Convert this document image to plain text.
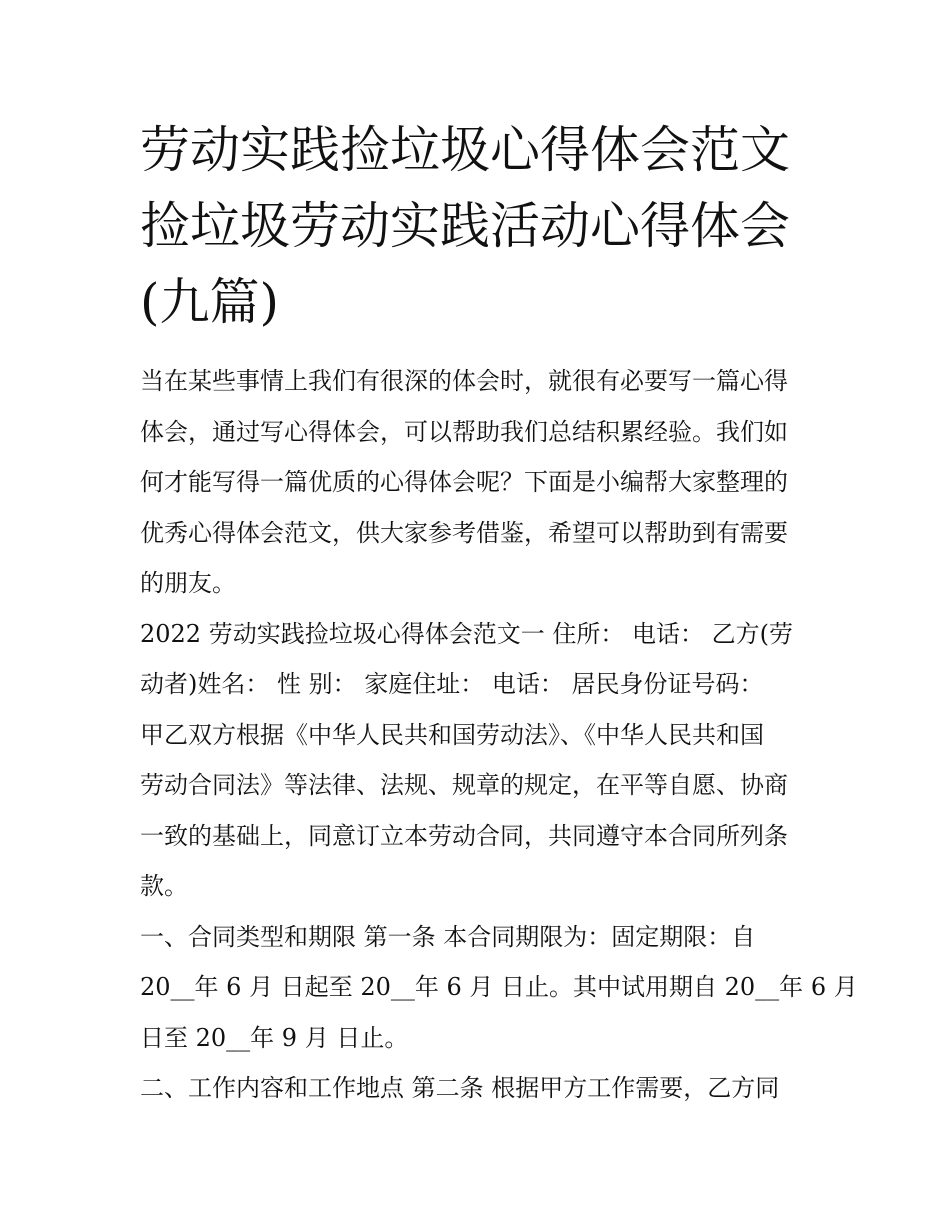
劳动实践捡垃圾心得体会范文
捡垃圾劳动实践活动心得体会
(九篇)

当在某些事情上我们有很深的体会时，就很有必要写一篇心得
体会，通过写心得体会，可以帮助我们总结积累经验。我们如
何才能写得一篇优质的心得体会呢？下面是小编帮大家整理的
优秀心得体会范文，供大家参考借鉴，希望可以帮助到有需要
的朋友。

2022 劳动实践捡垃圾心得体会范文一 住所： 电话： 乙方(劳
动者)姓名： 性 别： 家庭住址： 电话： 居民身份证号码：

甲乙双方根据《中华人民共和国劳动法》、《中华人民共和国
劳动合同法》等法律、法规、规章的规定，在平等自愿、协商
一致的基础上，同意订立本劳动合同，共同遵守本合同所列条
款。

一、合同类型和期限 第一条 本合同期限为：固定期限：自
20__年 6 月 日起至 20__年 6 月 日止。其中试用期自 20__年 6 月
日至 20__年 9 月 日止。

二、工作内容和工作地点 第二条 根据甲方工作需要，乙方同
